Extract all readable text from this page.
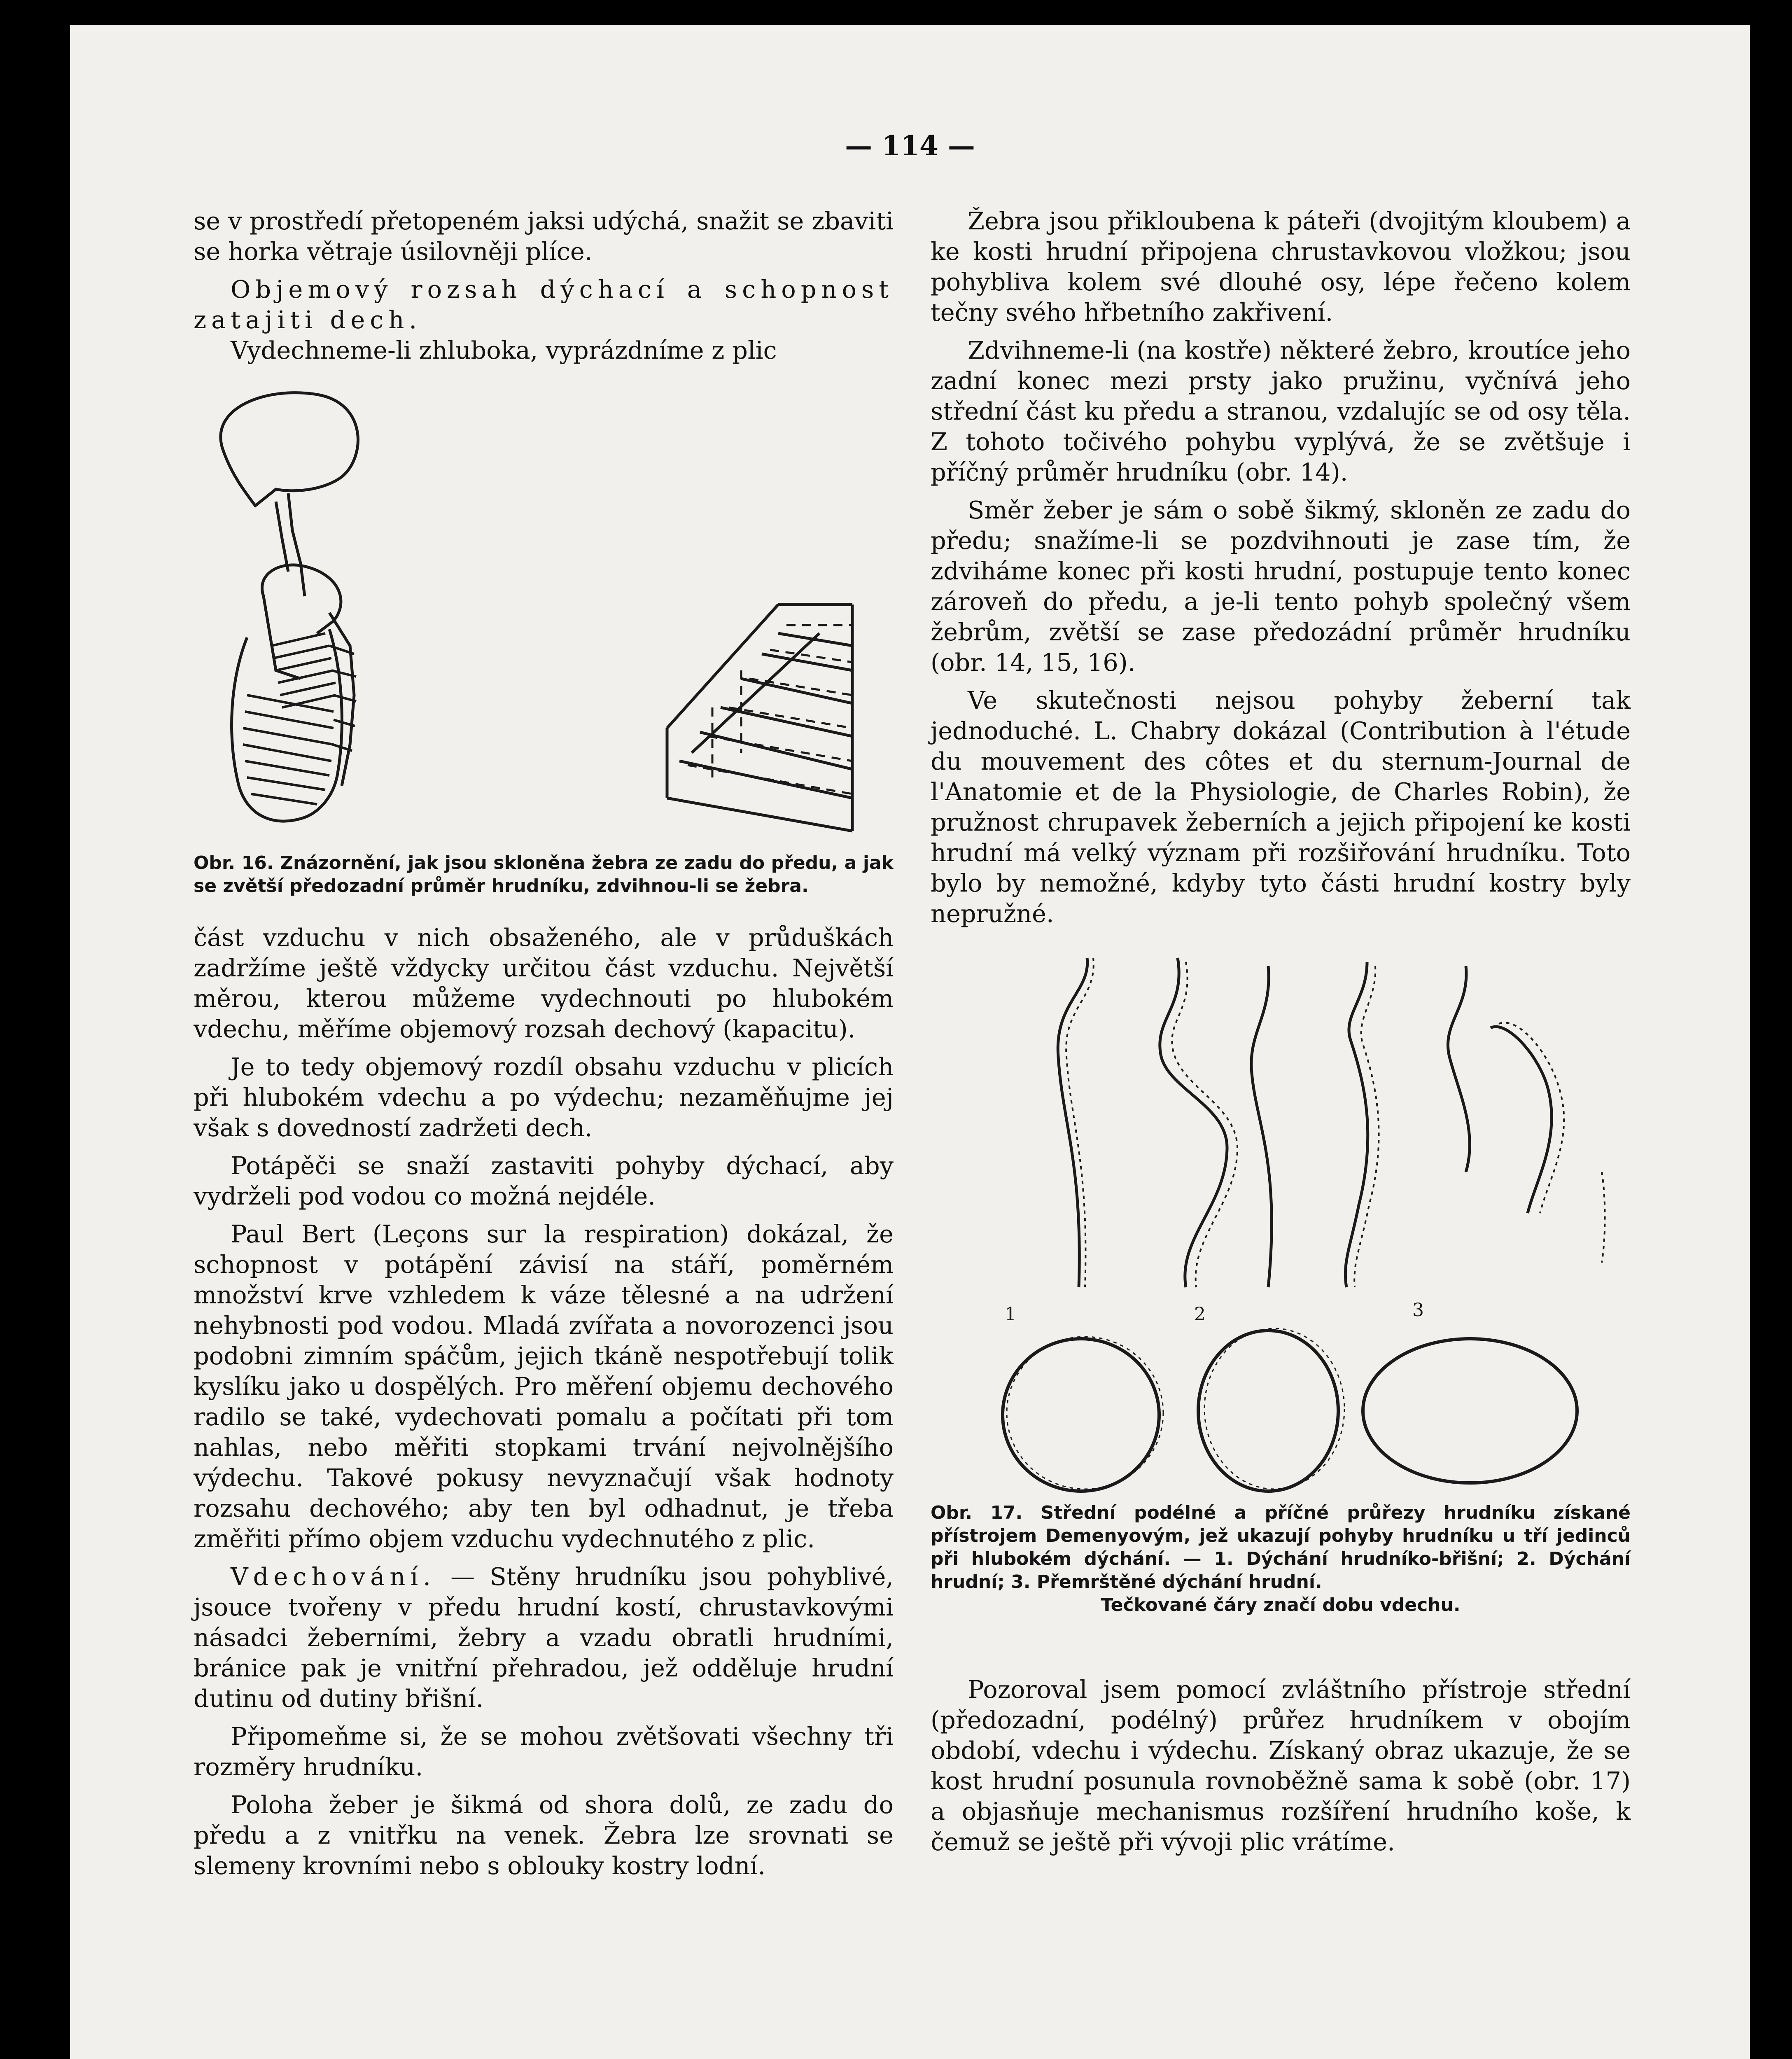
— 114 —

se v prostředí přetopeném jaksi udýchá, snažit se zbaviti se horka větraje úsilovněji plíce.

Objemový rozsah dýchací a schopnost zatajiti dech.

Vydechneme-li zhluboka, vyprázdníme z plic

Obr. 16. Znázornění, jak jsou skloněna žebra ze zadu do předu, a jak se zvětší předozadní průměr hrudníku, zdvihnou-li se žebra.

část vzduchu v nich obsaženého, ale v průduškách zadržíme ještě vždycky určitou část vzduchu. Největší měrou, kterou můžeme vydechnouti po hlubokém vdechu, měříme objemový rozsah dechový (kapacitu).

Je to tedy objemový rozdíl obsahu vzduchu v plicích při hlubokém vdechu a po výdechu; nezaměňujme jej však s dovedností zadržeti dech.

Potápěči se snaží zastaviti pohyby dýchací, aby vydrželi pod vodou co možná nejdéle.

Paul Bert (Leçons sur la respiration) dokázal, že schopnost v potápění závisí na stáří, poměrném množství krve vzhledem k váze tělesné a na udržení nehybnosti pod vodou. Mladá zvířata a novorozenci jsou podobni zimním spáčům, jejich tkáně nespotřebují tolik kyslíku jako u dospělých. Pro měření objemu dechového radilo se také, vydechovati pomalu a počítati při tom nahlas, nebo měřiti stopkami trvání nejvolnějšího výdechu. Takové pokusy nevyznačují však hodnoty rozsahu dechového; aby ten byl odhadnut, je třeba změřiti přímo objem vzduchu vydechnutého z plic.

Vdechování. — Stěny hrudníku jsou pohyblivé, jsouce tvořeny v předu hrudní kostí, chrustavkovými násadci žeberními, žebry a vzadu obratli hrudními, bránice pak je vnitřní přehradou, jež odděluje hrudní dutinu od dutiny břišní.

Připomeňme si, že se mohou zvětšovati všechny tři rozměry hrudníku.

Poloha žeber je šikmá od shora dolů, ze zadu do předu a z vnitřku na venek. Žebra lze srovnati se slemeny krovními nebo s oblouky kostry lodní.

Žebra jsou přikloubena k páteři (dvojitým kloubem) a ke kosti hrudní připojena chrustavkovou vložkou; jsou pohybliva kolem své dlouhé osy, lépe řečeno kolem tečny svého hřbetního zakřivení.

Zdvihneme-li (na kostře) některé žebro, kroutíce jeho zadní konec mezi prsty jako pružinu, vyčnívá jeho střední část ku předu a stranou, vzdalujíc se od osy těla. Z tohoto točivého pohybu vyplývá, že se zvětšuje i příčný průměr hrudníku (obr. 14).

Směr žeber je sám o sobě šikmý, skloněn ze zadu do předu; snažíme-li se pozdvihnouti je zase tím, že zdviháme konec při kosti hrudní, postupuje tento konec zároveň do předu, a je-li tento pohyb společný všem žebrům, zvětší se zase předozádní průměr hrudníku (obr. 14, 15, 16).

Ve skutečnosti nejsou pohyby žeberní tak jednoduché. L. Chabry dokázal (Contribution à l'étude du mouvement des côtes et du sternum-Journal de l'Anatomie et de la Physiologie, de Charles Robin), že pružnost chrupavek žeberních a jejich připojení ke kosti hrudní má velký význam při rozšiřování hrudníku. Toto bylo by nemožné, kdyby tyto části hrudní kostry byly nepružné.

1	2	3
Obr. 17. Střední podélné a příčné průřezy hrudníku získané přístrojem Demenyovým, jež ukazují pohyby hrudníku u tří jedinců při hlubokém dýchání. — 1. Dýchání hrudníko-břišní; 2. Dýchání hrudní; 3. Přemrštěné dýchání hrudní.
Tečkované čáry značí dobu vdechu.

Pozoroval jsem pomocí zvláštního přístroje střední (předozadní, podélný) průřez hrudníkem v obojím období, vdechu i výdechu. Získaný obraz ukazuje, že se kost hrudní posunula rovnoběžně sama k sobě (obr. 17) a objasňuje mechanismus rozšíření hrudního koše, k čemuž se ještě při vývoji plic vrátíme.
